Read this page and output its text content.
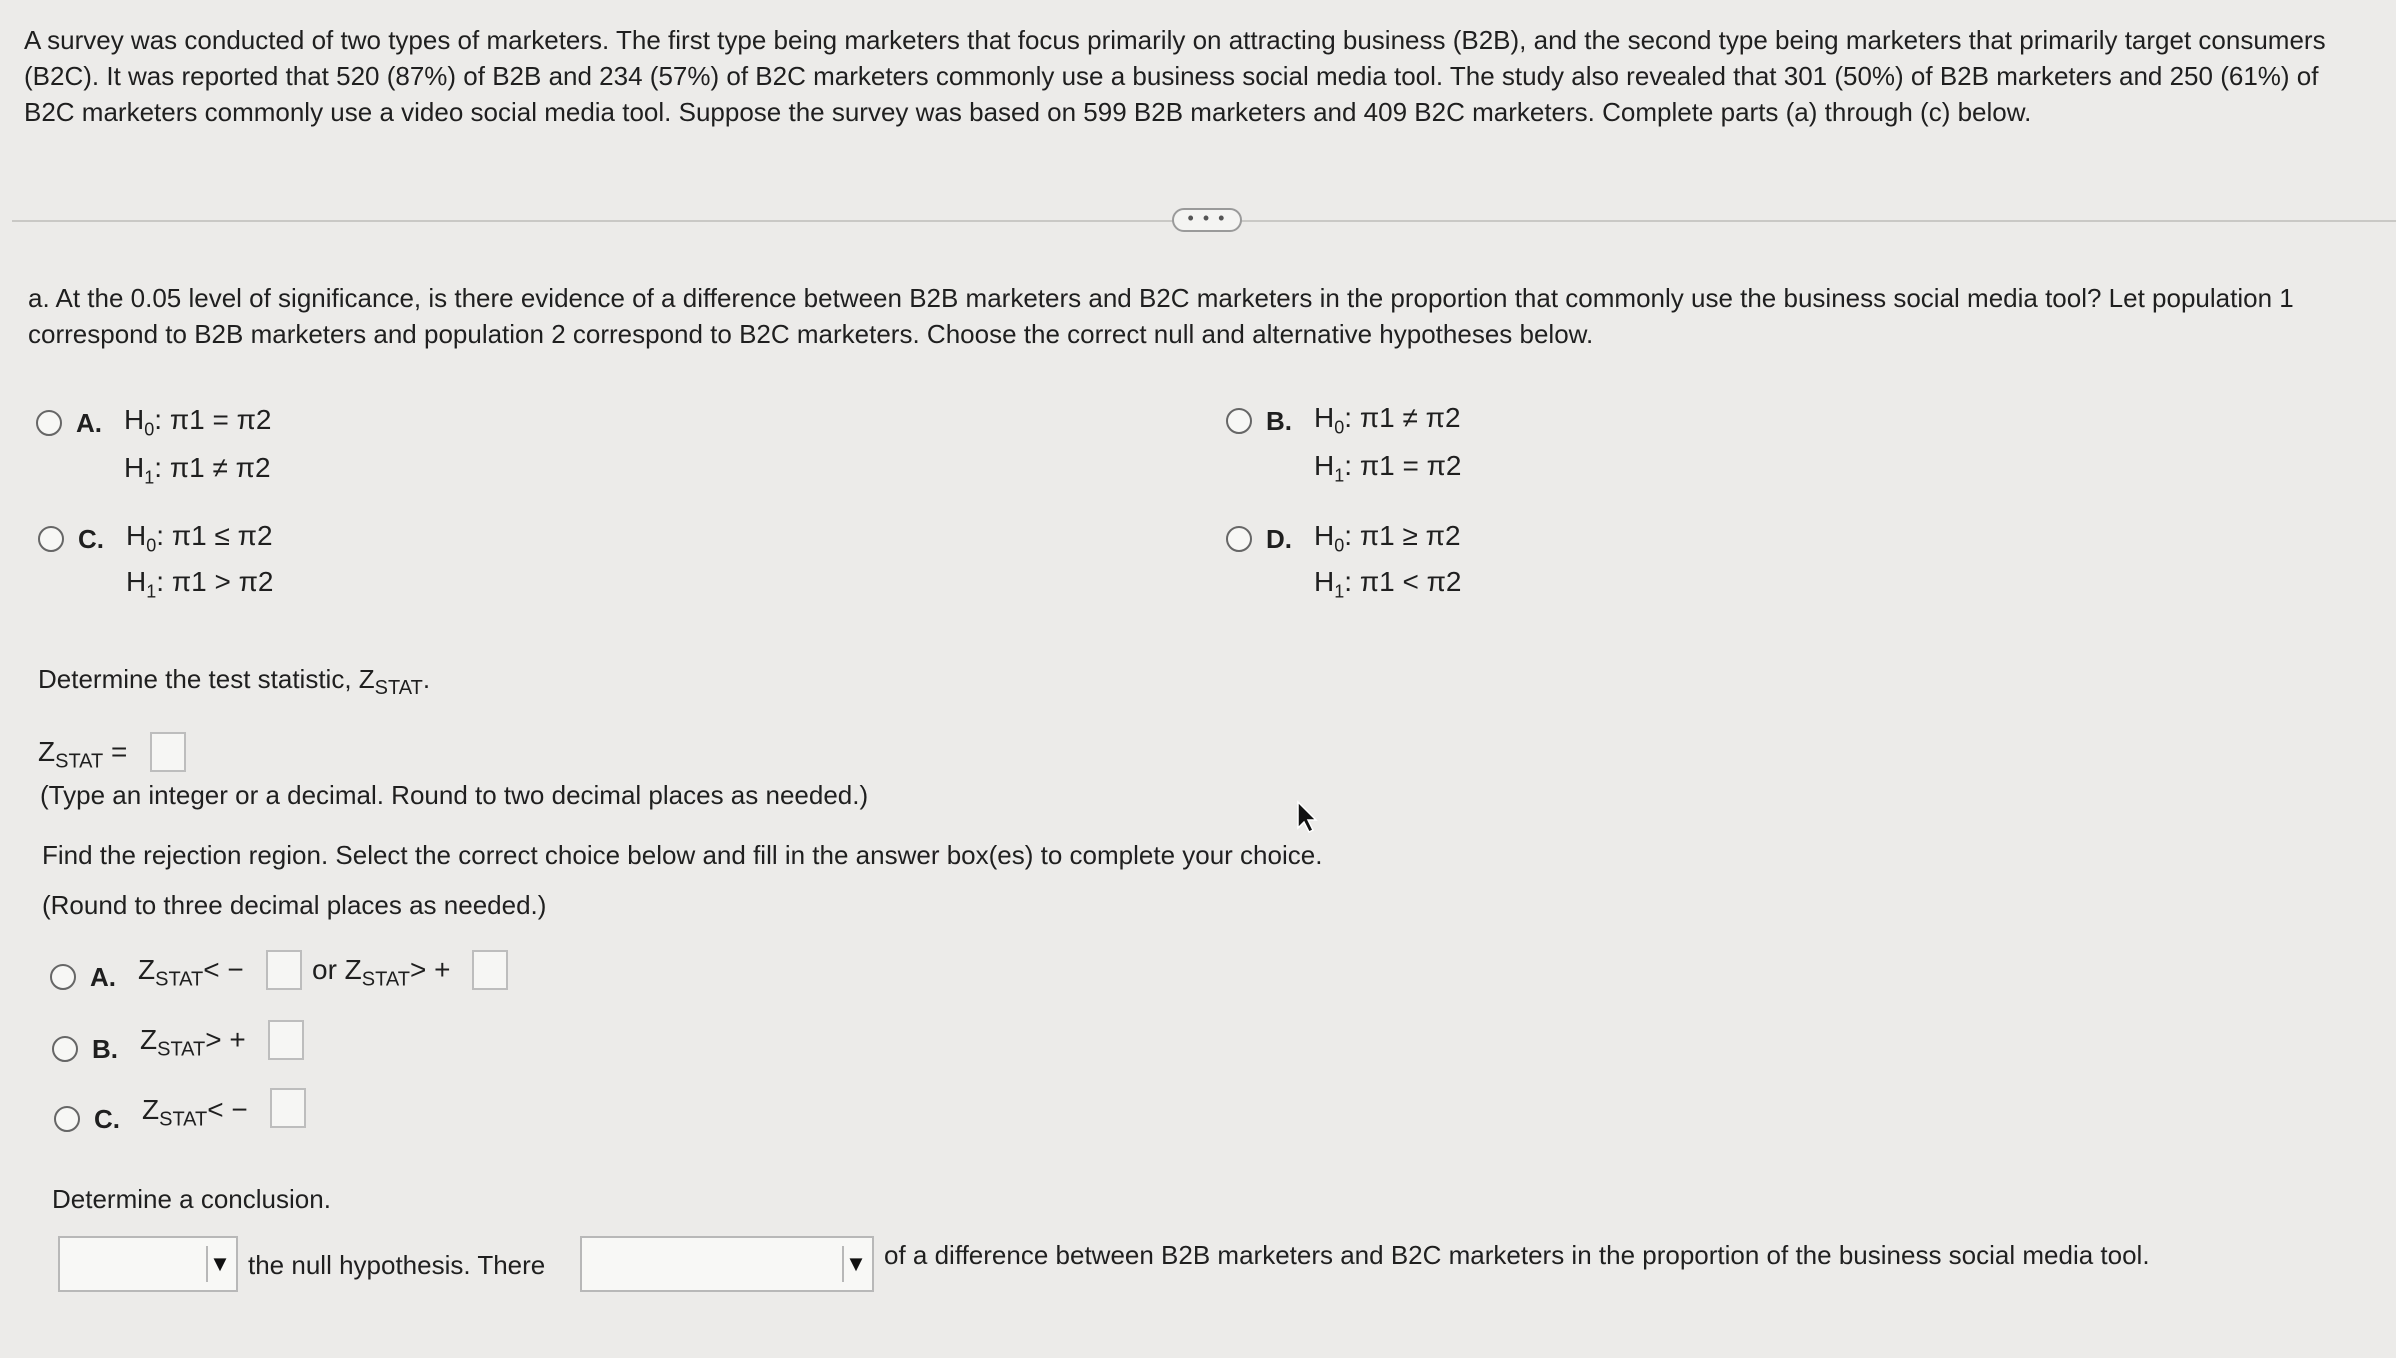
A survey was conducted of two types of marketers. The first type being marketers that focus primarily on attracting business (B2B), and the second type being marketers that primarily target consumers (B2C). It was reported that 520 (87%) of B2B and 234 (57%) of B2C marketers commonly use a business social media tool. The study also revealed that 301 (50%) of B2B marketers and 250 (61%) of B2C marketers commonly use a video social media tool. Suppose the survey was based on 599 B2B marketers and 409 B2C marketers. Complete parts (a) through (c) below.
• • •
a. At the 0.05 level of significance, is there evidence of a difference between B2B marketers and B2C marketers in the proportion that commonly use the business social media tool? Let population 1 correspond to B2B marketers and population 2 correspond to B2C marketers. Choose the correct null and alternative hypotheses below.
A. $H_0$: π1 = π2
$H_1$: π1 ≠ π2
B. $H_0$: π1 ≠ π2
$H_1$: π1 = π2
C. $H_0$: π1 ≤ π2
$H_1$: π1 > π2
D. $H_0$: π1 ≥ π2
$H_1$: π1 < π2
Determine the test statistic, $Z_{STAT}$.
$Z_{STAT}$ =
(Type an integer or a decimal. Round to two decimal places as needed.)
Find the rejection region. Select the correct choice below and fill in the answer box(es) to complete your choice.
(Round to three decimal places as needed.)
A. $Z_{STAT}<$ − or $Z_{STAT}>$ +
B. $Z_{STAT}>$ +
C. $Z_{STAT}<$ −
Determine a conclusion.
▼ the null hypothesis. There	▼ of a difference between B2B marketers and B2C marketers in the proportion of the business social media tool.
